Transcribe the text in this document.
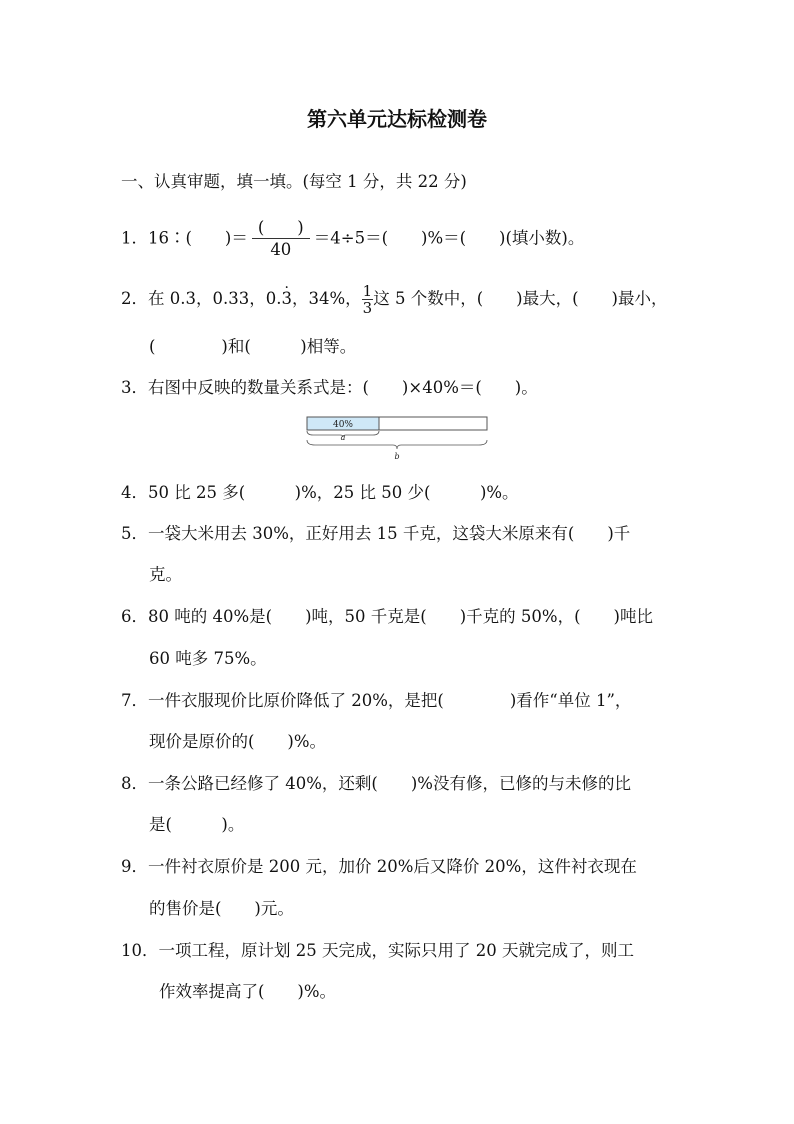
第六单元达标检测卷
一、认真审题，填一填。(每空 1 分，共 22 分)
1．16∶(　　)＝ $\frac{( )}{40} =4\div 5=$(　　)%＝(　　)(填小数)。
2．在 0.3，0.33，0.3 ·，34%， $\frac{1}{3}$ 这 5 个数中，(　　)最大，(　　)最小，
(　　　　)和(　　　)相等。
3．右图中反映的数量关系式是：(　　)×40%＝(　　)。
40%
a
b
4．50 比 25 多(　　　)%，25 比 50 少(　　　)%。
5．一袋大米用去 30%，正好用去 15 千克，这袋大米原来有(　　)千
克。
6．80 吨的 40%是(　　)吨，50 千克是(　　)千克的 50%，(　　)吨比
60 吨多 75%。
7．一件衣服现价比原价降低了 20%，是把(　　　　)看作“单位 1”，
现价是原价的(　　)%。
8．一条公路已经修了 40%，还剩(　　)%没有修，已修的与未修的比
是(　　　)。
9．一件衬衣原价是 200 元，加价 20%后又降价 20%，这件衬衣现在
的售价是(　　)元。
10．一项工程，原计划 25 天完成，实际只用了 20 天就完成了，则工
作效率提高了(　　)%。
